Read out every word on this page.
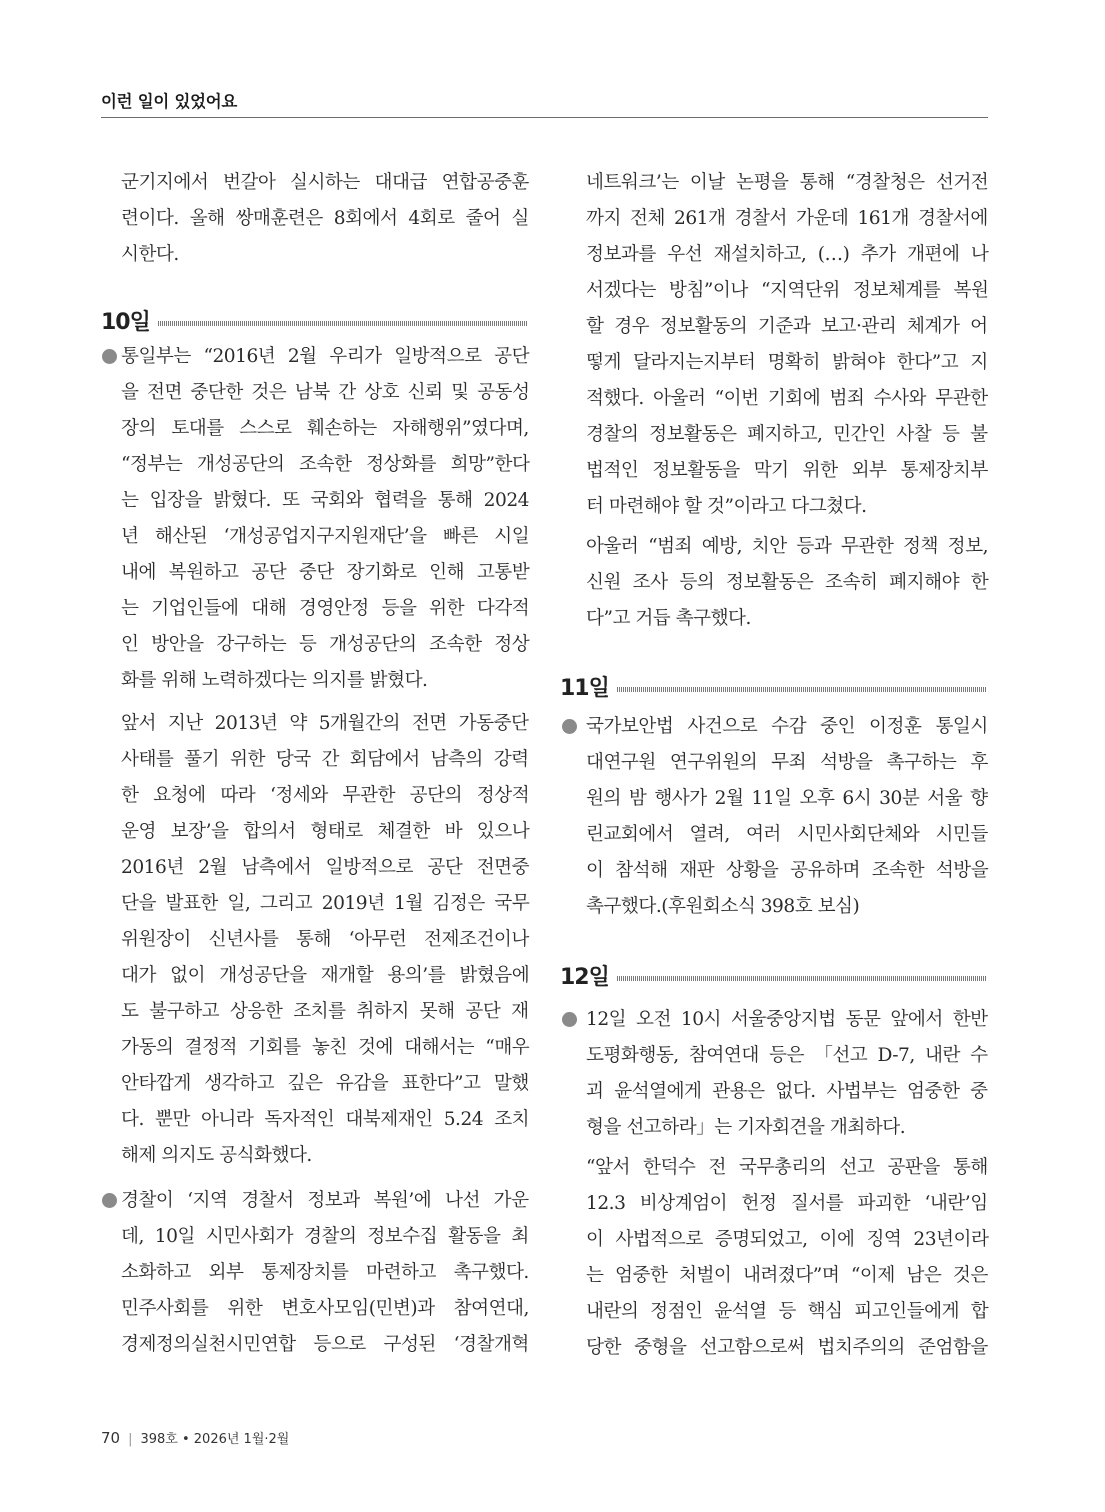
이런 일이 있었어요
군기지에서 번갈아 실시하는 대대급 연합공중훈
련이다. 올해 쌍매훈련은 8회에서 4회로 줄어 실
시한다.
10일
통일부는 “2016년 2월 우리가 일방적으로 공단
을 전면 중단한 것은 남북 간 상호 신뢰 및 공동성
장의 토대를 스스로 훼손하는 자해행위”였다며,
“정부는 개성공단의 조속한 정상화를 희망”한다
는 입장을 밝혔다. 또 국회와 협력을 통해 2024
년 해산된 ‘개성공업지구지원재단’을 빠른 시일
내에 복원하고 공단 중단 장기화로 인해 고통받
는 기업인들에 대해 경영안정 등을 위한 다각적
인 방안을 강구하는 등 개성공단의 조속한 정상
화를 위해 노력하겠다는 의지를 밝혔다.
앞서 지난 2013년 약 5개월간의 전면 가동중단
사태를 풀기 위한 당국 간 회담에서 남측의 강력
한 요청에 따라 ‘정세와 무관한 공단의 정상적
운영 보장’을 합의서 형태로 체결한 바 있으나
2016년 2월 남측에서 일방적으로 공단 전면중
단을 발표한 일, 그리고 2019년 1월 김정은 국무
위원장이 신년사를 통해 ‘아무런 전제조건이나
대가 없이 개성공단을 재개할 용의’를 밝혔음에
도 불구하고 상응한 조치를 취하지 못해 공단 재
가동의 결정적 기회를 놓친 것에 대해서는 “매우
안타깝게 생각하고 깊은 유감을 표한다”고 말했
다. 뿐만 아니라 독자적인 대북제재인 5.24 조치
해제 의지도 공식화했다.
경찰이 ‘지역 경찰서 정보과 복원’에 나선 가운
데, 10일 시민사회가 경찰의 정보수집 활동을 최
소화하고 외부 통제장치를 마련하고 촉구했다.
민주사회를 위한 변호사모임(민변)과 참여연대,
경제정의실천시민연합 등으로 구성된 ‘경찰개혁
네트워크’는 이날 논평을 통해 “경찰청은 선거전
까지 전체 261개 경찰서 가운데 161개 경찰서에
정보과를 우선 재설치하고, (…) 추가 개편에 나
서겠다는 방침”이나 “지역단위 정보체계를 복원
할 경우 정보활동의 기준과 보고·관리 체계가 어
떻게 달라지는지부터 명확히 밝혀야 한다”고 지
적했다. 아울러 “이번 기회에 범죄 수사와 무관한
경찰의 정보활동은 폐지하고, 민간인 사찰 등 불
법적인 정보활동을 막기 위한 외부 통제장치부
터 마련해야 할 것”이라고 다그쳤다.
아울러 “범죄 예방, 치안 등과 무관한 정책 정보,
신원 조사 등의 정보활동은 조속히 폐지해야 한
다”고 거듭 촉구했다.
11일
국가보안법 사건으로 수감 중인 이정훈 통일시
대연구원 연구위원의 무죄 석방을 촉구하는 후
원의 밤 행사가 2월 11일 오후 6시 30분 서울 향
린교회에서 열려, 여러 시민사회단체와 시민들
이 참석해 재판 상황을 공유하며 조속한 석방을
촉구했다.(후원회소식 398호 보심)
12일
12일 오전 10시 서울중앙지법 동문 앞에서 한반
도평화행동, 참여연대 등은 「선고 D-7, 내란 수
괴 윤석열에게 관용은 없다. 사법부는 엄중한 중
형을 선고하라」는 기자회견을 개최하다.
“앞서 한덕수 전 국무총리의 선고 공판을 통해
12.3 비상계엄이 헌정 질서를 파괴한 ‘내란’임
이 사법적으로 증명되었고, 이에 징역 23년이라
는 엄중한 처벌이 내려졌다”며 “이제 남은 것은
내란의 정점인 윤석열 등 핵심 피고인들에게 합
당한 중형을 선고함으로써 법치주의의 준엄함을
70 | 398호 • 2026년 1월·2월
